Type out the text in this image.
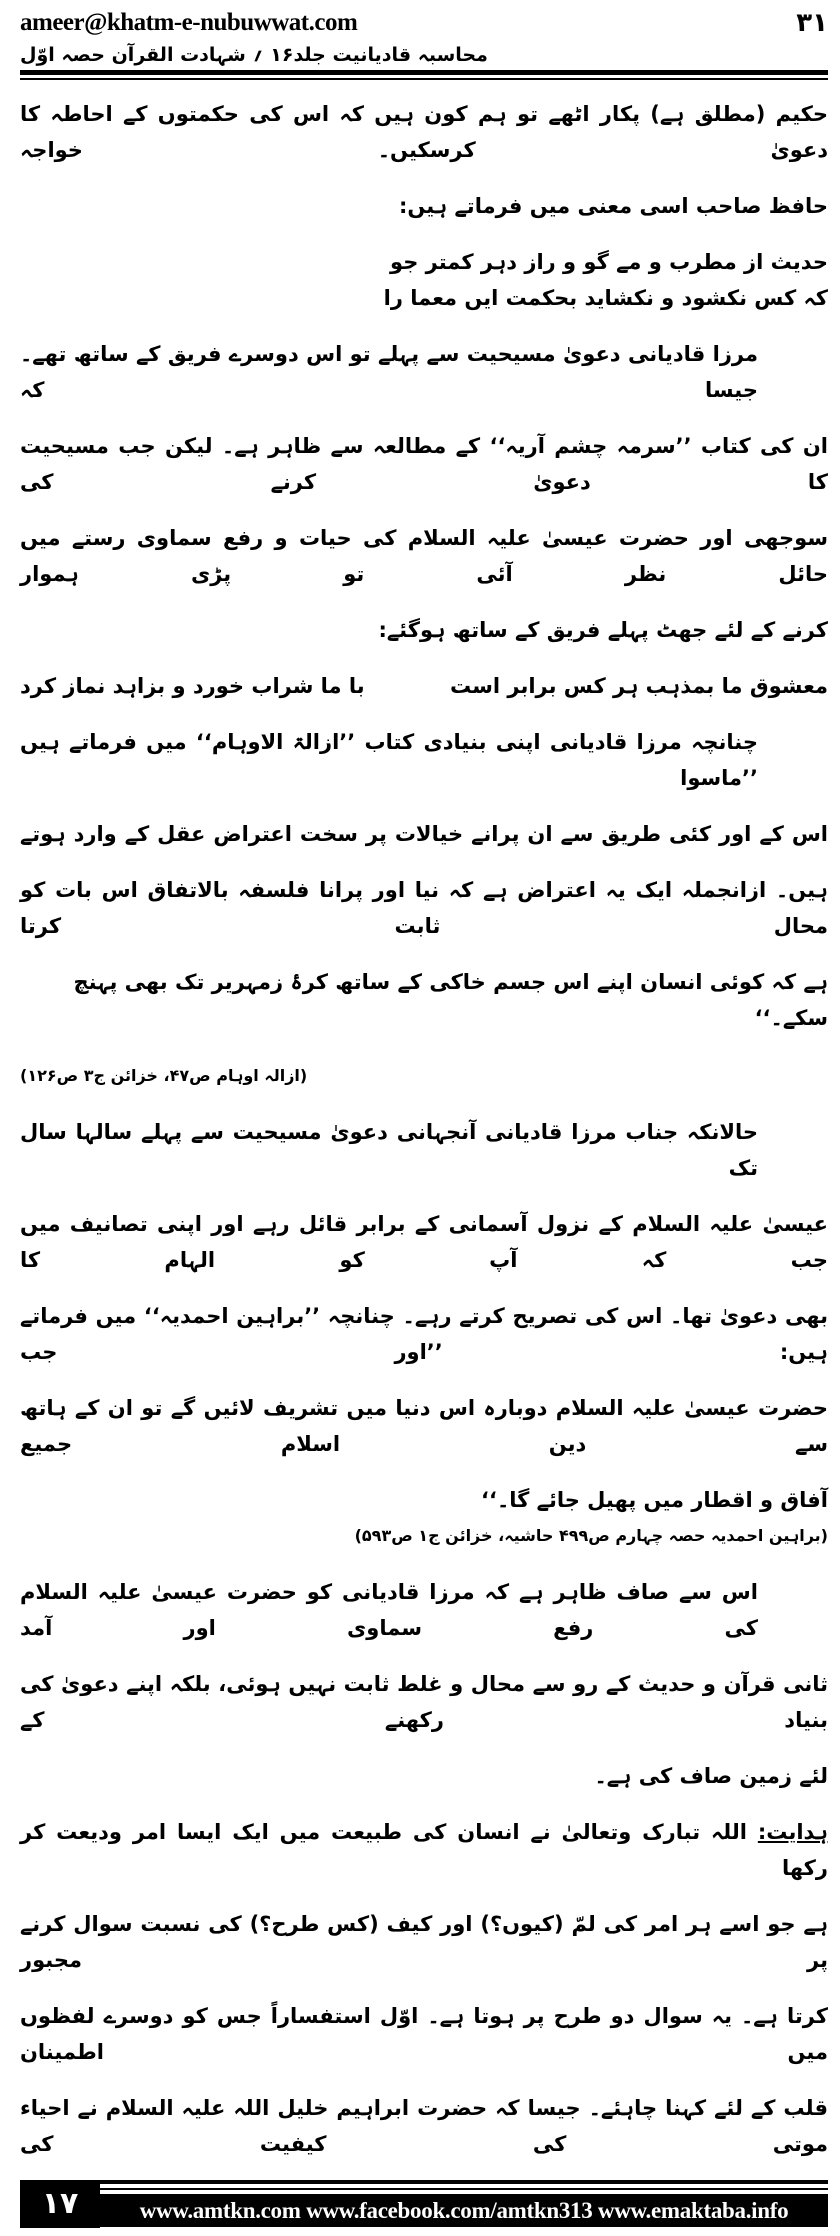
ameer@khatm-e-nubuwwat.com	۳۱
محاسبہ قادیانیت جلد۱۶ ؍ شہادت القرآن حصہ اوّل
حکیم (مطلق ہے) پکار اٹھے تو ہم کون ہیں کہ اس کی حکمتوں کے احاطہ کا دعویٰ کرسکیں۔ خواجہ
حافظ صاحب اسی معنی میں فرماتے ہیں:
حدیث از مطرب و مے گو و راز دہر کمتر جو
کہ کس نکشود و نکشاید بحکمت ایں معما را
مرزا قادیانی دعویٰ مسیحیت سے پہلے تو اس دوسرے فریق کے ساتھ تھے۔ جیسا کہ
ان کی کتاب ’’سرمہ چشم آریہ‘‘ کے مطالعہ سے ظاہر ہے۔ لیکن جب مسیحیت کا دعویٰ کرنے کی
سوجھی اور حضرت عیسیٰ علیہ السلام کی حیات و رفع سماوی رستے میں حائل نظر آئی تو پڑی ہموار
کرنے کے لئے جھٹ پہلے فریق کے ساتھ ہوگئے:
معشوق ما بمذہب ہر کس برابر است
با ما شراب خورد و بزاہد نماز کرد
چنانچہ مرزا قادیانی اپنی بنیادی کتاب ’’ازالۃ الاوہام‘‘ میں فرماتے ہیں ’’ماسوا
اس کے اور کئی طریق سے ان پرانے خیالات پر سخت اعتراض عقل کے وارد ہوتے
ہیں۔ ازانجملہ ایک یہ اعتراض ہے کہ نیا اور پرانا فلسفہ بالاتفاق اس بات کو محال ثابت کرتا
ہے کہ کوئی انسان اپنے اس جسم خاکی کے ساتھ کرۂ زمہریر تک بھی پہنچ سکے۔‘‘
(ازالہ اوہام ص۴۷، خزائن ج۳ ص۱۲۶)
حالانکہ جناب مرزا قادیانی آنجہانی دعویٰ مسیحیت سے پہلے سالہا سال تک
عیسیٰ علیہ السلام کے نزول آسمانی کے برابر قائل رہے اور اپنی تصانیف میں جب کہ آپ کو الہام کا
بھی دعویٰ تھا۔ اس کی تصریح کرتے رہے۔ چنانچہ ’’براہین احمدیہ‘‘ میں فرماتے ہیں: ’’اور جب
حضرت عیسیٰ علیہ السلام دوبارہ اس دنیا میں تشریف لائیں گے تو ان کے ہاتھ سے دین اسلام جمیع
آفاق و اقطار میں پھیل جائے گا۔‘‘
(براہین احمدیہ حصہ چہارم ص۴۹۹ حاشیہ، خزائن ج۱ ص۵۹۳)
اس سے صاف ظاہر ہے کہ مرزا قادیانی کو حضرت عیسیٰ علیہ السلام کی رفع سماوی اور آمد
ثانی قرآن و حدیث کے رو سے محال و غلط ثابت نہیں ہوئی، بلکہ اپنے دعویٰ کی بنیاد رکھنے کے
لئے زمین صاف کی ہے۔
ہدایت: اللہ تبارک وتعالیٰ نے انسان کی طبیعت میں ایک ایسا امر ودیعت کر رکھا
ہے جو اسے ہر امر کی لمّ (کیوں؟) اور کیف (کس طرح؟) کی نسبت سوال کرنے پر مجبور
کرتا ہے۔ یہ سوال دو طرح پر ہوتا ہے۔ اوّل استفساراً جس کو دوسرے لفظوں میں اطمینان
قلب کے لئے کہنا چاہئے۔ جیسا کہ حضرت ابراہیم خلیل اللہ علیہ السلام نے احیاء موتی کی کیفیت کی
۱۷	www.amtkn.com www.facebook.com/amtkn313 www.emaktaba.info
